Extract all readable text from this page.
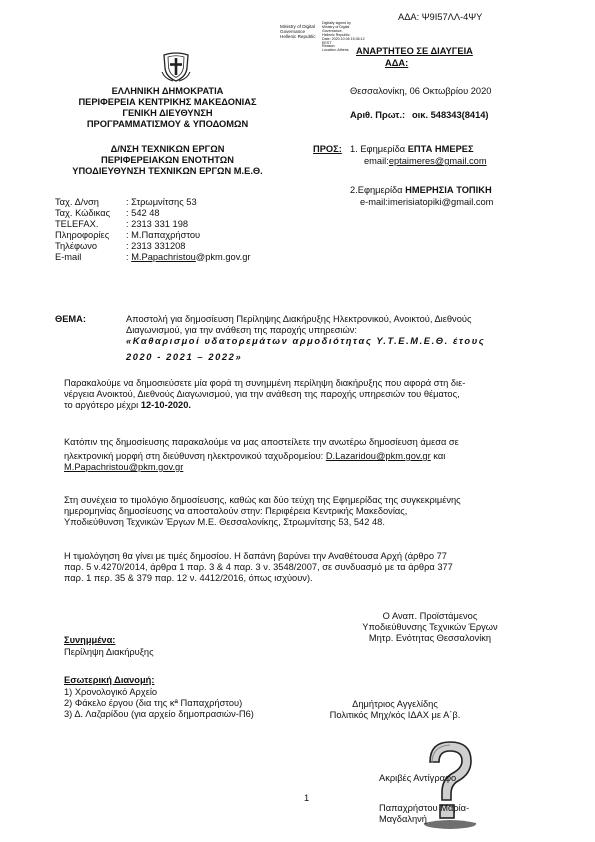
ΑΔΑ: Ψ9Ι57ΛΛ-4ΨΥ
Ministry of Digital
Governance
Hellenic Republic
Digitally signed by
Ministry of Digital
Governance,
Hellenic Republic
Date: 2020.10.06 15:36:12
EEST
Reason:
Location: Athens ΑΝΑΡΤΗΤΕΟ ΣΕ ΔΙΑΥΓΕΙΑ
ΑΔΑ:
ΕΛΛΗΝΙΚΗ ΔΗΜΟΚΡΑΤΙΑ
ΠΕΡΙΦΕΡΕΙΑ ΚΕΝΤΡΙΚΗΣ ΜΑΚΕΔΟΝΙΑΣ
ΓΕΝΙΚΗ ΔΙΕΥΘΥΝΣΗ
ΠΡΟΓΡΑΜΜΑΤΙΣΜΟΥ & ΥΠΟΔΟΜΩΝ
Θεσσαλονίκη, 06 Οκτωβρίου 2020
Αριθ. Πρωτ.: οικ. 548343(8414)
Δ/ΝΣΗ ΤΕΧΝΙΚΩΝ ΕΡΓΩΝ
ΠΕΡΙΦΕΡΕΙΑΚΩΝ ΕΝΟΤΗΤΩΝ
ΥΠΟΔΙΕΥΘΥΝΣΗ ΤΕΧΝΙΚΩΝ ΕΡΓΩΝ Μ.Ε.Θ.
ΠΡΟΣ: 1. Εφημερίδα ΕΠΤΑ ΗΜΕΡΕΣ
email:eptaimeres@gmail.com
2.Εφημερίδα ΗΜΕΡΗΣΙΑ ΤΟΠΙΚΗ
e-mail:imerisiatopiki@gmail.com
Ταχ. Δ/νση
Ταχ. Κώδικας
TELEFAX.
Πληροφορίες
Τηλέφωνο
E-mail
: Στρωμνίτσης 53
: 542 48
: 2313 331 198
: Μ.Παπαχρήστου
: 2313 331208
: M.Papachristou@pkm.gov.gr
ΘΕΜΑ:	Αποστολή για δημοσίευση Περίληψης Διακήρυξης Ηλεκτρονικού, Ανοικτού, Διεθνούς
Διαγωνισμού, για την ανάθεση της παροχής υπηρεσιών:
«Καθαρισμοί υδατορεμάτων αρμοδιότητας Υ.Τ.Ε.Μ.Ε.Θ. έτους
2020 - 2021 – 2022»
Παρακαλούμε να δημοσιεύσετε μία φορά τη συνημμένη περίληψη διακήρυξης που αφορά στη διε-
νέργεια Ανοικτού, Διεθνούς Διαγωνισμού, για την ανάθεση της παροχής υπηρεσιών του θέματος,
το αργότερο μέχρι 12-10-2020.
Κατόπιν της δημοσίευσης παρακαλούμε να μας αποστείλετε την ανωτέρω δημοσίευση άμεσα σε
ηλεκτρονική μορφή στη διεύθυνση ηλεκτρονικού ταχυδρομείου: D.Lazaridou@pkm.gov.gr και
M.Papachristou@pkm.gov.gr
Στη συνέχεια το τιμολόγιο δημοσίευσης, καθώς και δύο τεύχη της Εφημερίδας της συγκεκριμένης
ημερομηνίας δημοσίευσης να αποσταλούν στην: Περιφέρεια Κεντρικής Μακεδονίας,
Υποδιεύθυνση Τεχνικών Έργων Μ.Ε. Θεσσαλονίκης, Στρωμνίτσης 53, 542 48.
Η τιμολόγηση θα γίνει με τιμές δημοσίου. Η δαπάνη βαρύνει την Αναθέτουσα Αρχή (άρθρο 77
παρ. 5 ν.4270/2014, άρθρα 1 παρ. 3 & 4 παρ. 3 ν. 3548/2007, σε συνδυασμό με τα άρθρα 377
παρ. 1 περ. 35 & 379 παρ. 12 ν. 4412/2016, όπως ισχύουν).
Ο Αναπ. Προϊστάμενος
Υποδιεύθυνσης Τεχνικών Έργων
Μητρ. Ενότητας Θεσσαλονίκη
Συνημμένα:
Περίληψη Διακήρυξης
Εσωτερική Διανομή:
1) Χρονολογικό Αρχείο
2) Φάκελο έργου (δια της κª Παπαχρήστου)
3) Δ. Λαζαρίδου (για αρχείο δημοπρασιών-Π6)
Δημήτριος Αγγελίδης
Πολιτικός Μηχ/κός ΙΔΑΧ με Α΄β.
Ακριβές Αντίγραφο
Παπαχρήστου Μαρία-
Μαγδαληνή
1
